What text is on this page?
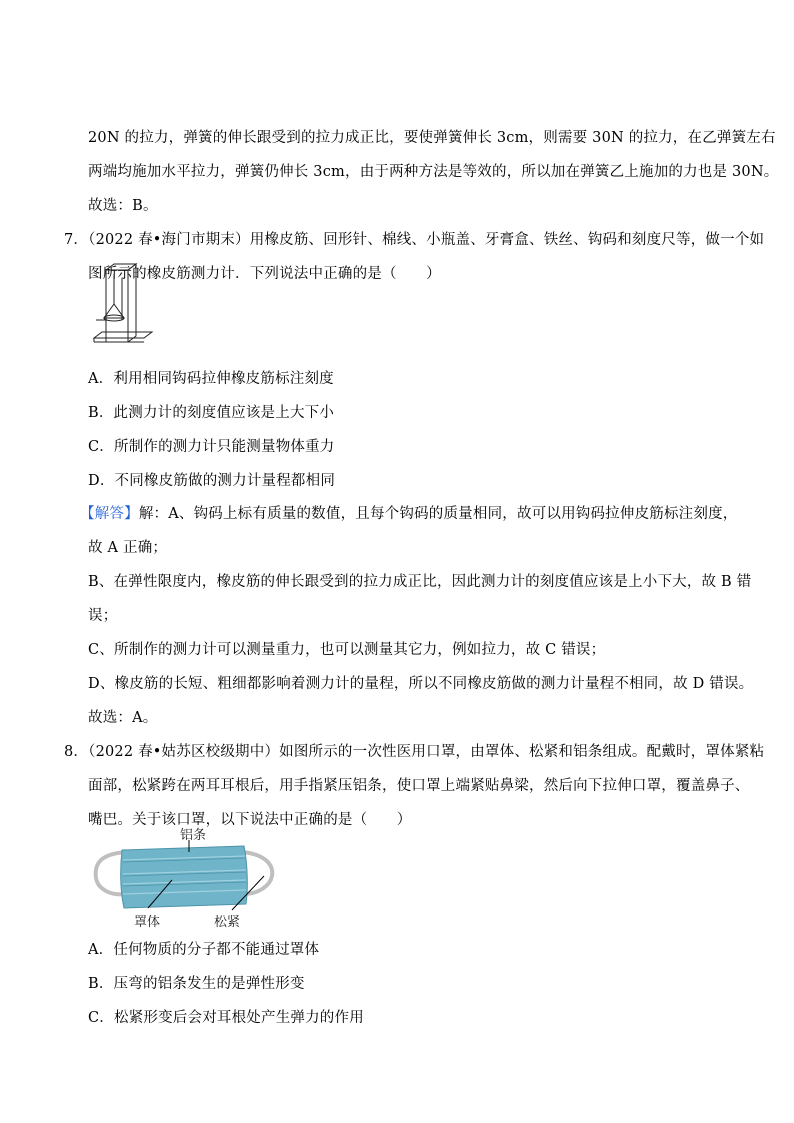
20N 的拉力，弹簧的伸长跟受到的拉力成正比，要使弹簧伸长 3cm，则需要 30N 的拉力，在乙弹簧左右
两端均施加水平拉力，弹簧仍伸长 3cm，由于两种方法是等效的，所以加在弹簧乙上施加的力也是 30N。
故选：B。
7．（2022 春•海门市期末）用橡皮筋、回形针、棉线、小瓶盖、牙膏盒、铁丝、钩码和刻度尺等，做一个如
图所示的橡皮筋测力计．下列说法中正确的是（　　）
A．利用相同钩码拉伸橡皮筋标注刻度
B．此测力计的刻度值应该是上大下小
C．所制作的测力计只能测量物体重力
D．不同橡皮筋做的测力计量程都相同
【解答】解：A、钩码上标有质量的数值，且每个钩码的质量相同，故可以用钩码拉伸皮筋标注刻度，
故 A 正确；
B、在弹性限度内，橡皮筋的伸长跟受到的拉力成正比，因此测力计的刻度值应该是上小下大，故 B 错
误；
C、所制作的测力计可以测量重力，也可以测量其它力，例如拉力，故 C 错误；
D、橡皮筋的长短、粗细都影响着测力计的量程，所以不同橡皮筋做的测力计量程不相同，故 D 错误。
故选：A。
8．（2022 春•姑苏区校级期中）如图所示的一次性医用口罩，由罩体、松紧和铝条组成。配戴时，罩体紧粘
面部，松紧跨在两耳耳根后，用手指紧压铝条，使口罩上端紧贴鼻梁，然后向下拉伸口罩，覆盖鼻子、
嘴巴。关于该口罩，以下说法中正确的是（　　）
铝条
罩体	松紧
A．任何物质的分子都不能通过罩体
B．压弯的铝条发生的是弹性形变
C．松紧形变后会对耳根处产生弹力的作用
